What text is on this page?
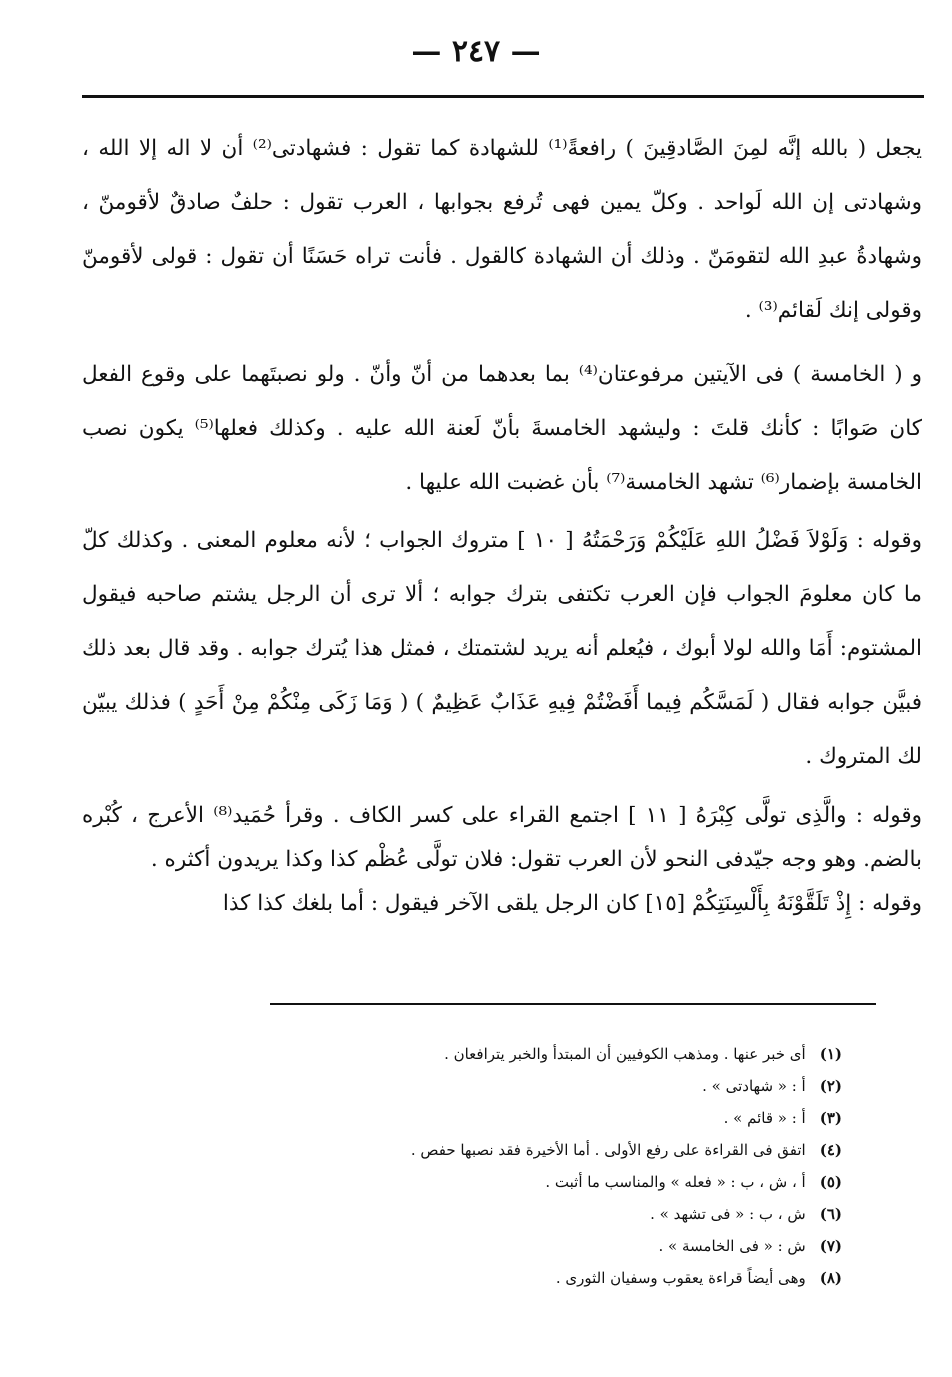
— ٢٤٧ —

يجعل ( بالله إنَّه لمِنَ الصَّادقِينَ ) رافعةً⁽¹⁾ للشهادة كما تقول : فشهادتى⁽²⁾ أن لا اله إلا الله ، وشهادتى إن الله لَواحد . وكلّ يمين فهى تُرفع بجوابها ، العرب تقول : حلفٌ صادقٌ لأقومنّ ، وشهادةُ عبدِ الله لتقومَنّ . وذلك أن الشهادة كالقول . فأنت تراه حَسَنًا أن تقول : قولى لأقومنّ وقولى إنك لَقائم⁽³⁾ .

و ( الخامسة ) فى الآيتين مرفوعتان⁽⁴⁾ بما بعدهما من أنّ وأنّ . ولو نصبتَهما على وقوع الفعل كان صَوابًا : كأنك قلتَ : وليشهد الخامسةَ بأنّ لَعنة الله عليه . وكذلك فعلها⁽⁵⁾ يكون نصب الخامسة بإضمار⁽⁶⁾ تشهد الخامسة⁽⁷⁾ بأن غضبت الله عليها .

وقوله : وَلَوْلاَ فَضْلُ اللهِ عَلَيْكُمْ وَرَحْمَتُهُ [ ١٠ ] متروك الجواب ؛ لأنه معلوم المعنى . وكذلك كلّ ما كان معلومَ الجواب فإن العرب تكتفى بترك جوابه ؛ ألا ترى أن الرجل يشتم صاحبه فيقول المشتوم: أَمَا والله لولا أبوك ، فيُعلم أنه يريد لشتمتك ، فمثل هذا يُترك جوابه . وقد قال بعد ذلك فبيَّن جوابه فقال ( لَمَسَّكُم فِيما أَفَضْتُمْ فِيهِ عَذَابٌ عَظِيمٌ ) ( وَمَا زَكَى مِنْكُمْ مِنْ أَحَدٍ ) فذلك يبيّن لك المتروك .

وقوله : والَّذِى تولَّى كِبْرَهُ [ ١١ ] اجتمع القراء على كسر الكاف . وقرأ حُمَيد⁽⁸⁾ الأعرج ، كُبْره بالضم. وهو وجه جيّدفى النحو لأن العرب تقول: فلان تولَّى عُظْم كذا وكذا يريدون أكثره .

وقوله : إِذْ تَلَقَّوْنَهُ بِأَلْسِنَتِكُمْ [١٥] كان الرجل يلقى الآخر فيقول : أما بلغك كذا كذا

(١)أى خبر عنها . ومذهب الكوفيين أن المبتدأ والخبر يترافعان .
(٢)أ : « شهادتى » .
(٣)أ : « قائم » .
(٤)اتفق فى القراءة على رفع الأولى . أما الأخيرة فقد نصبها حفص .
(٥)أ ، ش ، ب : « فعله » والمناسب ما أثبت .
(٦)ش ، ب : « فى تشهد » .
(٧)ش : « فى الخامسة » .
(٨)وهى أيضاً قراءة يعقوب وسفيان الثورى .
